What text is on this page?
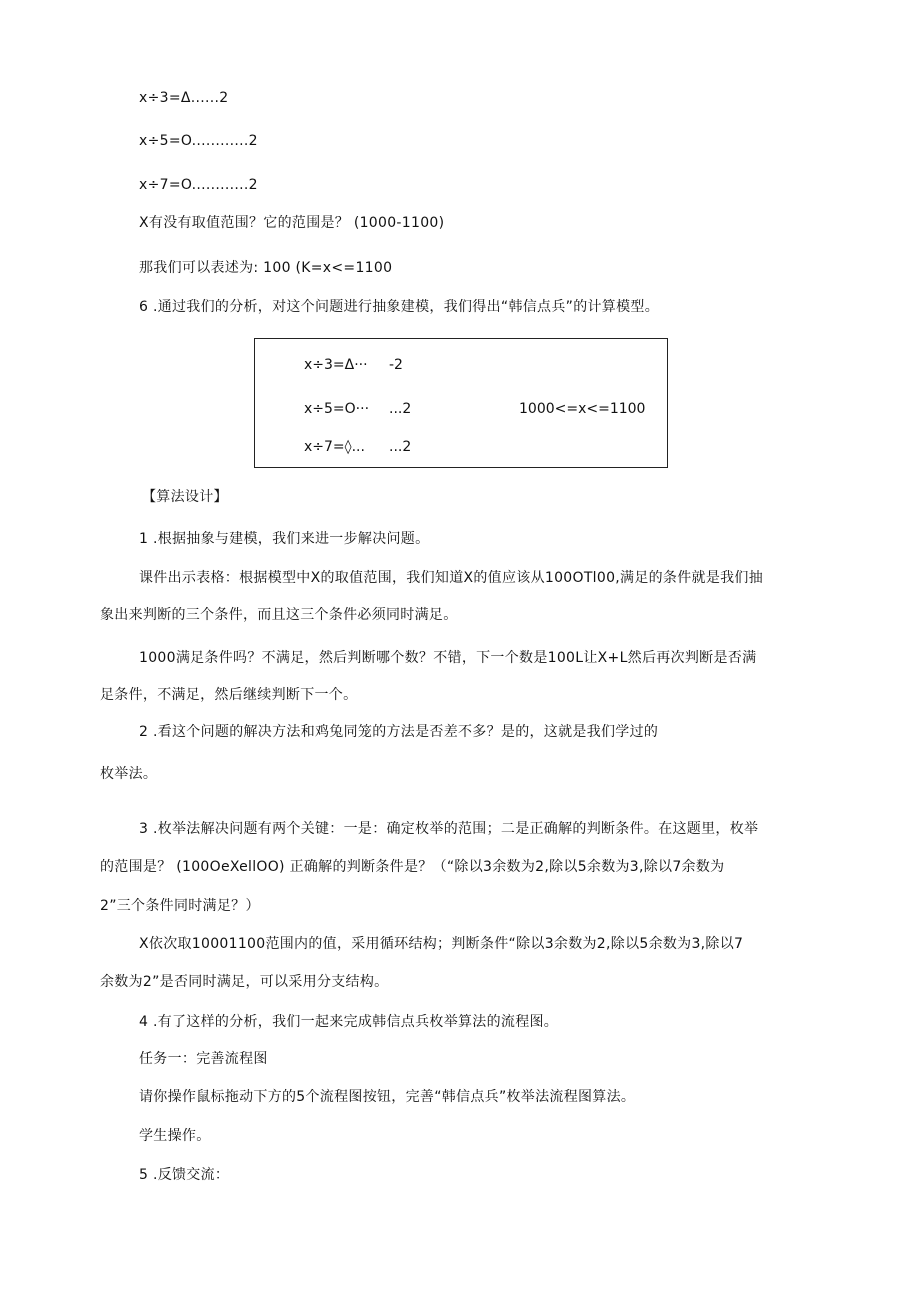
x÷3=Δ......2
x÷5=O............2
x÷7=O............2
X有没有取值范围？它的范围是？ (1000-1100)
那我们可以表述为: 100 (K=x<=1100
6 .通过我们的分析，对这个问题进行抽象建模，我们得出“韩信点兵”的计算模型。
x÷3=Δ··· -2
x÷5=O··· ...2	1000<=x<=1100
x÷7=◊... ...2
【算法设计】
1 .根据抽象与建模，我们来进一步解决问题。
课件出示表格：根据模型中X的取值范围，我们知道X的值应该从100OTl00,满足的条件就是我们抽
象出来判断的三个条件，而且这三个条件必须同时满足。
1000满足条件吗？不满足，然后判断哪个数？不错，下一个数是100L让X+L然后再次判断是否满
足条件，不满足，然后继续判断下一个。
2 .看这个问题的解决方法和鸡兔同笼的方法是否差不多？是的，这就是我们学过的
枚举法。
3 .枚举法解决问题有两个关键：一是：确定枚举的范围；二是正确解的判断条件。在这题里，枚举
的范围是？ (100OeXellOO) 正确解的判断条件是？（“除以3余数为2,除以5余数为3,除以7余数为
2”三个条件同时满足？）
X依次取10001100范围内的值，采用循环结构；判断条件“除以3余数为2,除以5余数为3,除以7
余数为2”是否同时满足，可以采用分支结构。
4 .有了这样的分析，我们一起来完成韩信点兵枚举算法的流程图。
任务一：完善流程图
请你操作鼠标拖动下方的5个流程图按钮，完善“韩信点兵”枚举法流程图算法。
学生操作。
5 .反馈交流：
